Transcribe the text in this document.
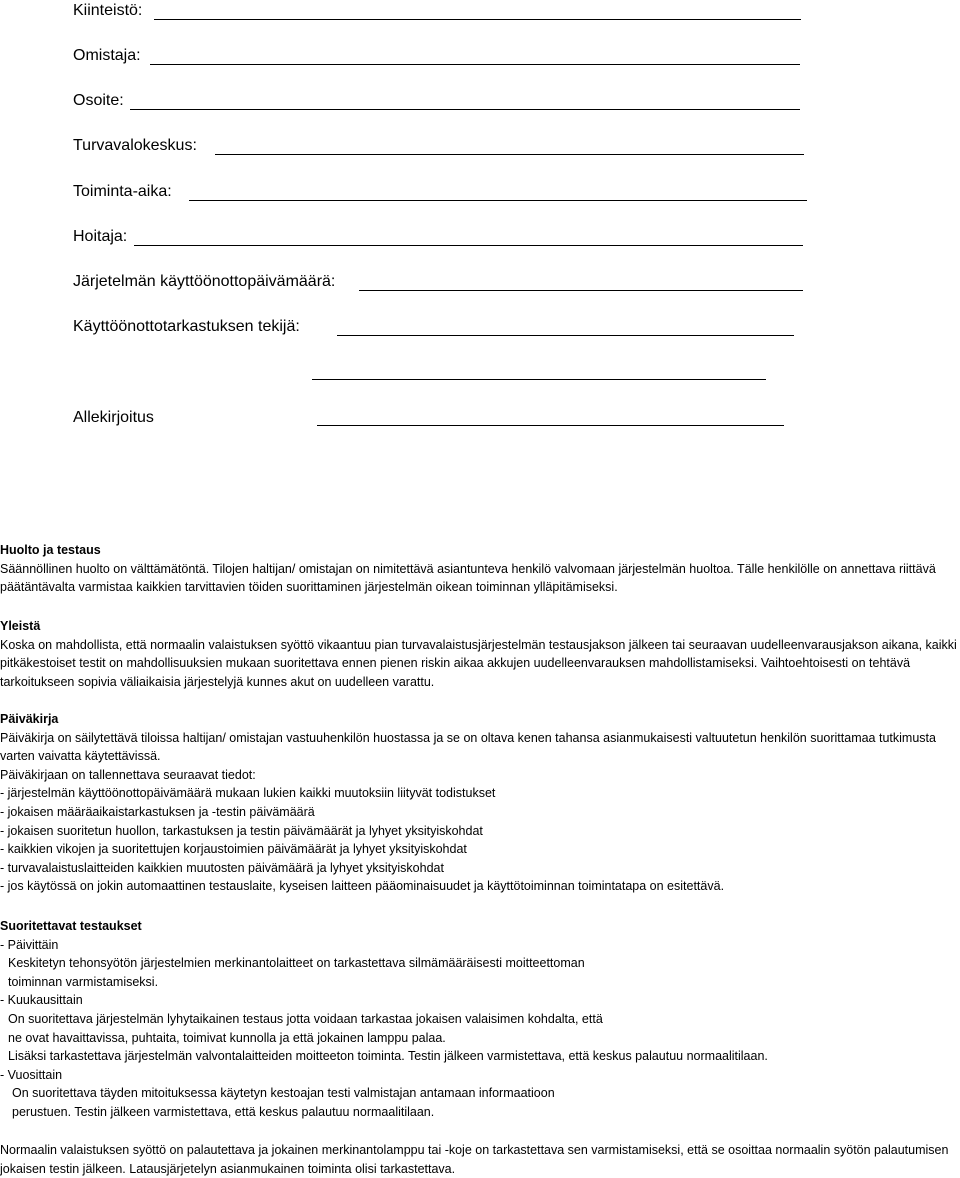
Kiinteistö:
Omistaja:
Osoite:
Turvavalokeskus:
Toiminta-aika:
Hoitaja:
Järjetelmän käyttöönottopäivämäärä:
Käyttöönottotarkastuksen tekijä:
Allekirjoitus
Huolto ja testaus

Säännöllinen huolto on välttämätöntä. Tilojen haltijan/ omistajan on nimitettävä asiantunteva henkilö valvomaan järjestelmän huoltoa. Tälle henkilölle on annettava riittävä päätäntävalta varmistaa kaikkien tarvittavien töiden suorittaminen järjestelmän oikean toiminnan ylläpitämiseksi.

Yleistä

Koska on mahdollista, että normaalin valaistuksen syöttö vikaantuu pian turvavalaistusjärjestelmän testausjakson jälkeen tai seuraavan uudelleenvarausjakson aikana, kaikki pitkäkestoiset testit on mahdollisuuksien mukaan suoritettava ennen pienen riskin aikaa akkujen uudelleenvarauksen mahdollistamiseksi. Vaihtoehtoisesti on tehtävä tarkoitukseen sopivia väliaikaisia järjestelyjä kunnes akut on uudelleen varattu.

Päiväkirja

Päiväkirja on säilytettävä tiloissa haltijan/ omistajan vastuuhenkilön huostassa ja se on oltava kenen tahansa asianmukaisesti valtuutetun henkilön suorittamaa tutkimusta varten vaivatta käytettävissä.

Päiväkirjaan on tallennettava seuraavat tiedot:

- järjestelmän käyttöönottopäivämäärä mukaan lukien kaikki muutoksiin liityvät todistukset

- jokaisen määräaikaistarkastuksen ja -testin päivämäärä

- jokaisen suoritetun huollon, tarkastuksen ja testin päivämäärät ja lyhyet yksityiskohdat

- kaikkien vikojen ja suoritettujen korjaustoimien päivämäärät ja lyhyet yksityiskohdat

- turvavalaistuslaitteiden kaikkien muutosten päivämäärä ja lyhyet yksityiskohdat

- jos käytössä on jokin automaattinen testauslaite, kyseisen laitteen pääominaisuudet ja käyttötoiminnan toimintatapa on esitettävä.

Suoritettavat testaukset

- Päivittäin

Keskitetyn tehonsyötön järjestelmien merkinantolaitteet on tarkastettava silmämääräisesti moitteettoman

toiminnan varmistamiseksi.

- Kuukausittain

On suoritettava järjestelmän lyhytaikainen testaus jotta voidaan tarkastaa jokaisen valaisimen kohdalta, että

ne ovat havaittavissa, puhtaita, toimivat kunnolla ja että jokainen lamppu palaa.

Lisäksi tarkastettava järjestelmän valvontalaitteiden moitteeton toiminta. Testin jälkeen varmistettava, että keskus palautuu normaalitilaan.

- Vuosittain

On suoritettava täyden mitoituksessa käytetyn kestoajan testi valmistajan antamaan informaatioon

perustuen. Testin jälkeen varmistettava, että keskus palautuu normaalitilaan.

Normaalin valaistuksen syöttö on palautettava ja jokainen merkinantolamppu tai -koje on tarkastettava sen varmistamiseksi, että se osoittaa normaalin syötön palautumisen jokaisen testin jälkeen. Latausjärjetelyn asianmukainen toiminta olisi tarkastettava.
